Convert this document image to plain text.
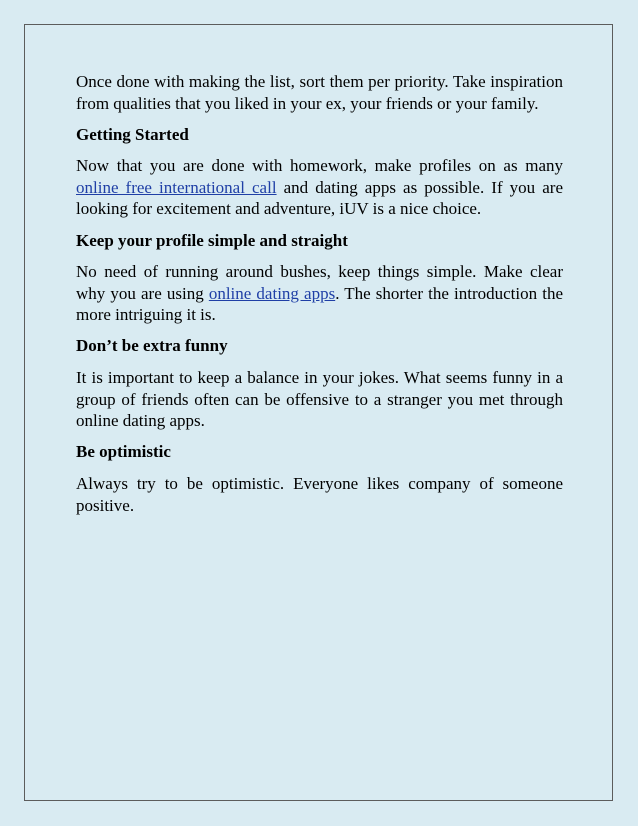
Once done with making the list, sort them per priority. Take inspiration from qualities that you liked in your ex, your friends or your family.

Getting Started

Now that you are done with homework, make profiles on as many online free international call and dating apps as possible. If you are looking for excitement and adventure, iUV is a nice choice.

Keep your profile simple and straight

No need of running around bushes, keep things simple. Make clear why you are using online dating apps. The shorter the introduction the more intriguing it is.

Don’t be extra funny

It is important to keep a balance in your jokes. What seems funny in a group of friends often can be offensive to a stranger you met through online dating apps.

Be optimistic

Always try to be optimistic. Everyone likes company of someone positive.
